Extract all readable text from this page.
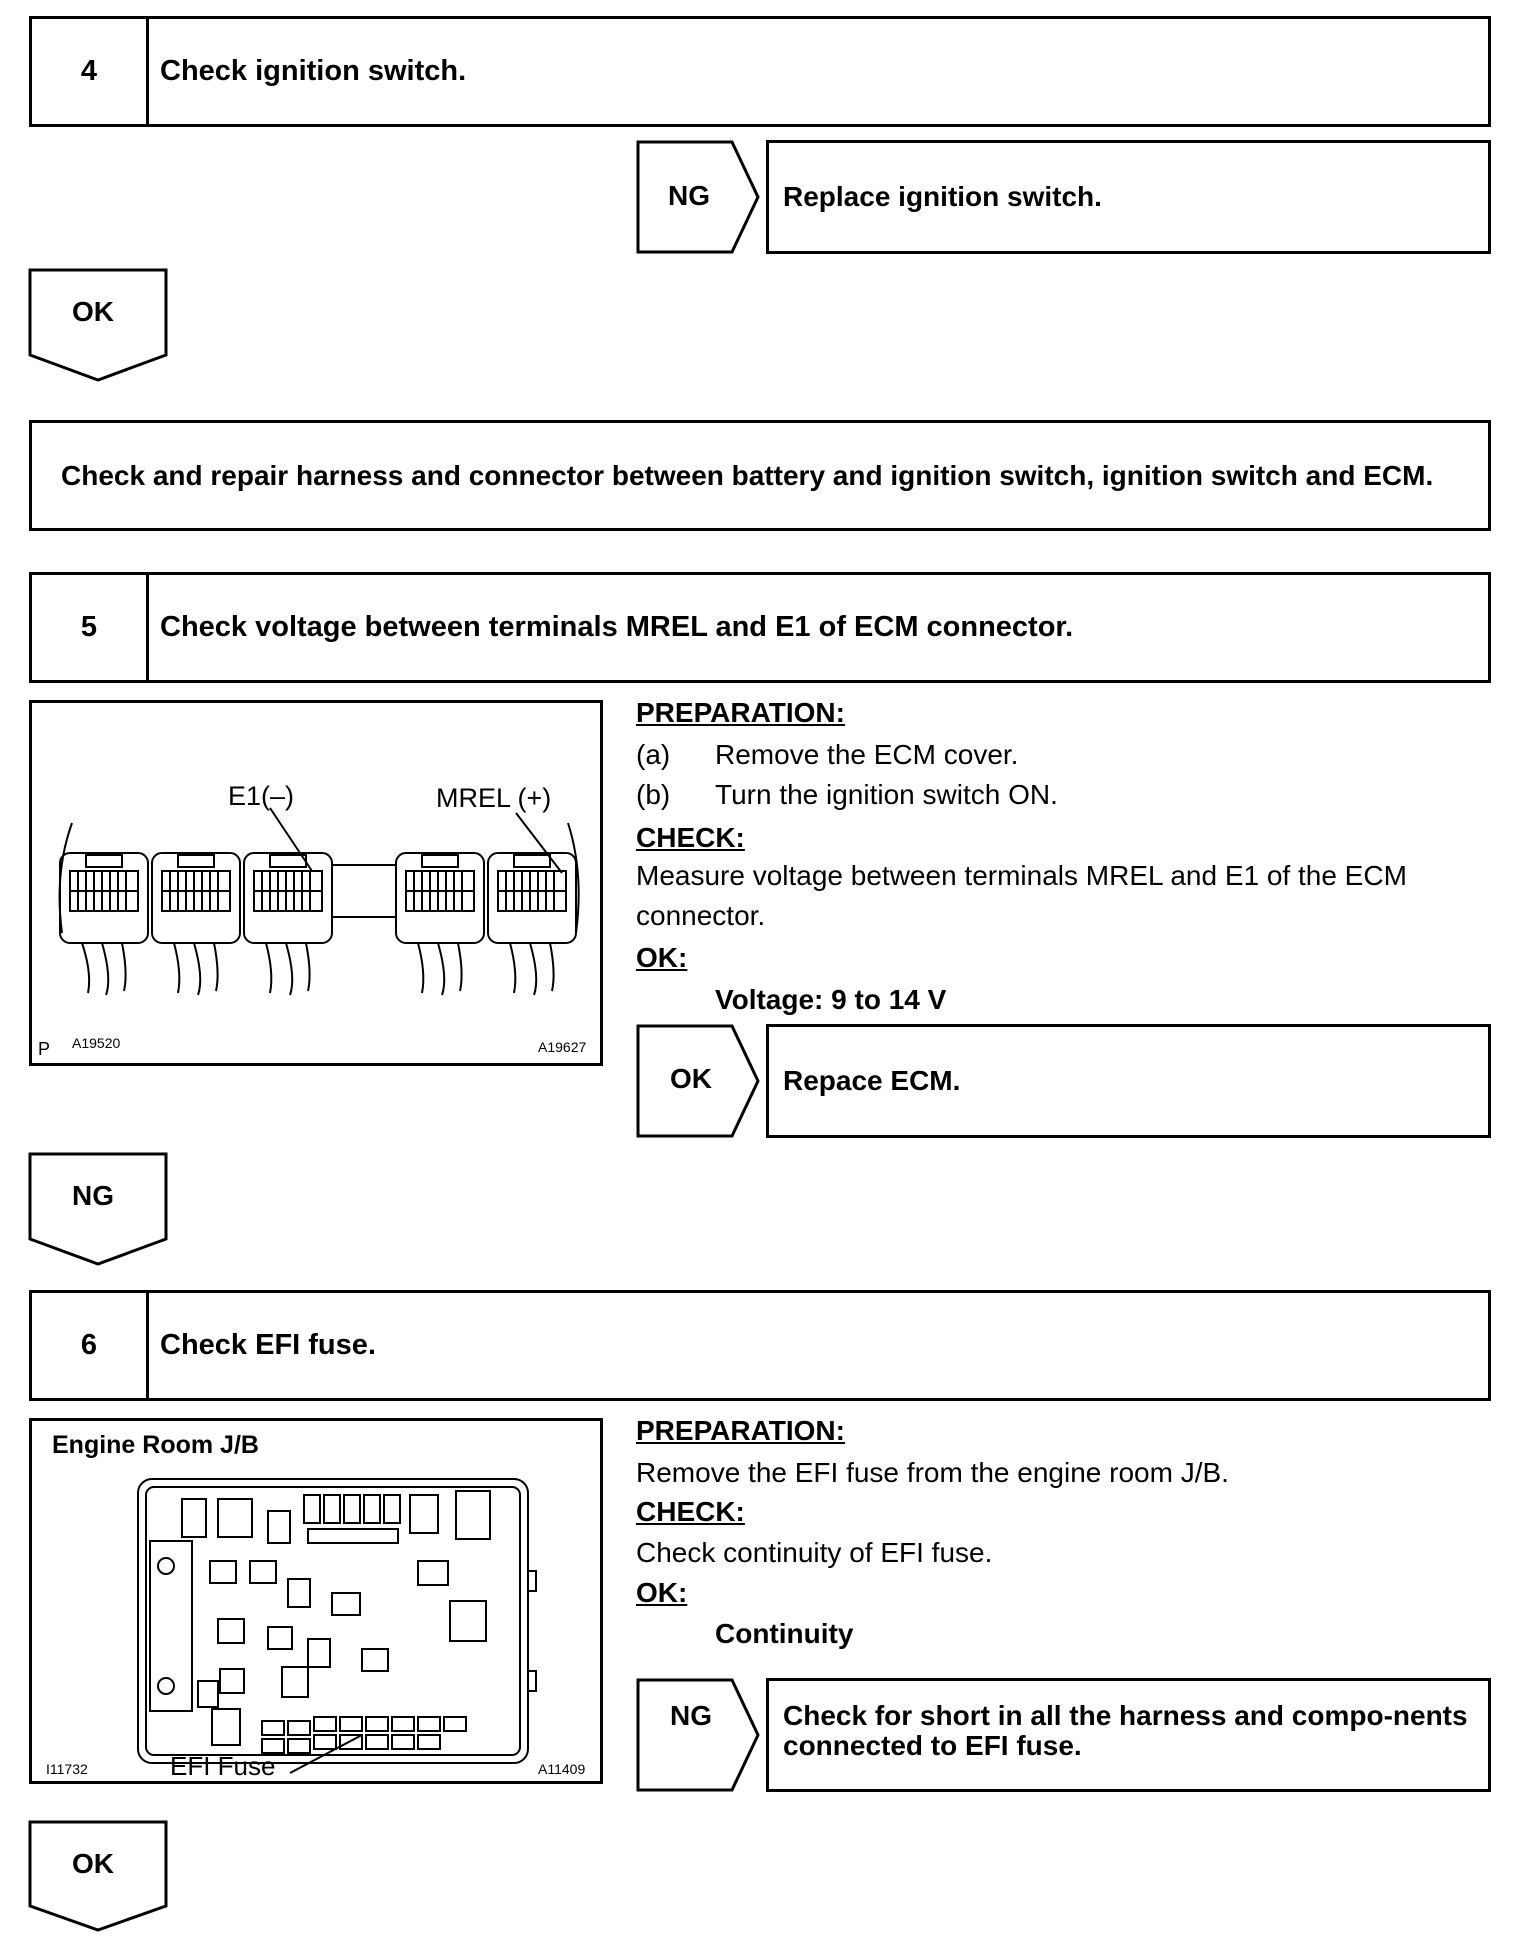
4	Check ignition switch.
NG	Replace ignition switch.
OK
Check and repair harness and connector between battery and ignition switch, ignition switch and ECM.
5	Check voltage between terminals MREL and E1 of ECM connector.
E1(–)	MREL (+)
P A19520	A19627
PREPARATION:
(a) Remove the ECM cover.
(b) Turn the ignition switch ON.
CHECK:
Measure voltage between terminals MREL and E1 of the ECM connector.
OK:
Voltage: 9 to 14 V
OK	Repace ECM.
NG
6	Check EFI fuse.
Engine Room J/B
EFI Fuse
I11732	A11409
PREPARATION:
Remove the EFI fuse from the engine room J/B.
CHECK:
Check continuity of EFI fuse.
OK:
Continuity
NG	Check for short in all the harness and compo-nents connected to EFI fuse.
OK
